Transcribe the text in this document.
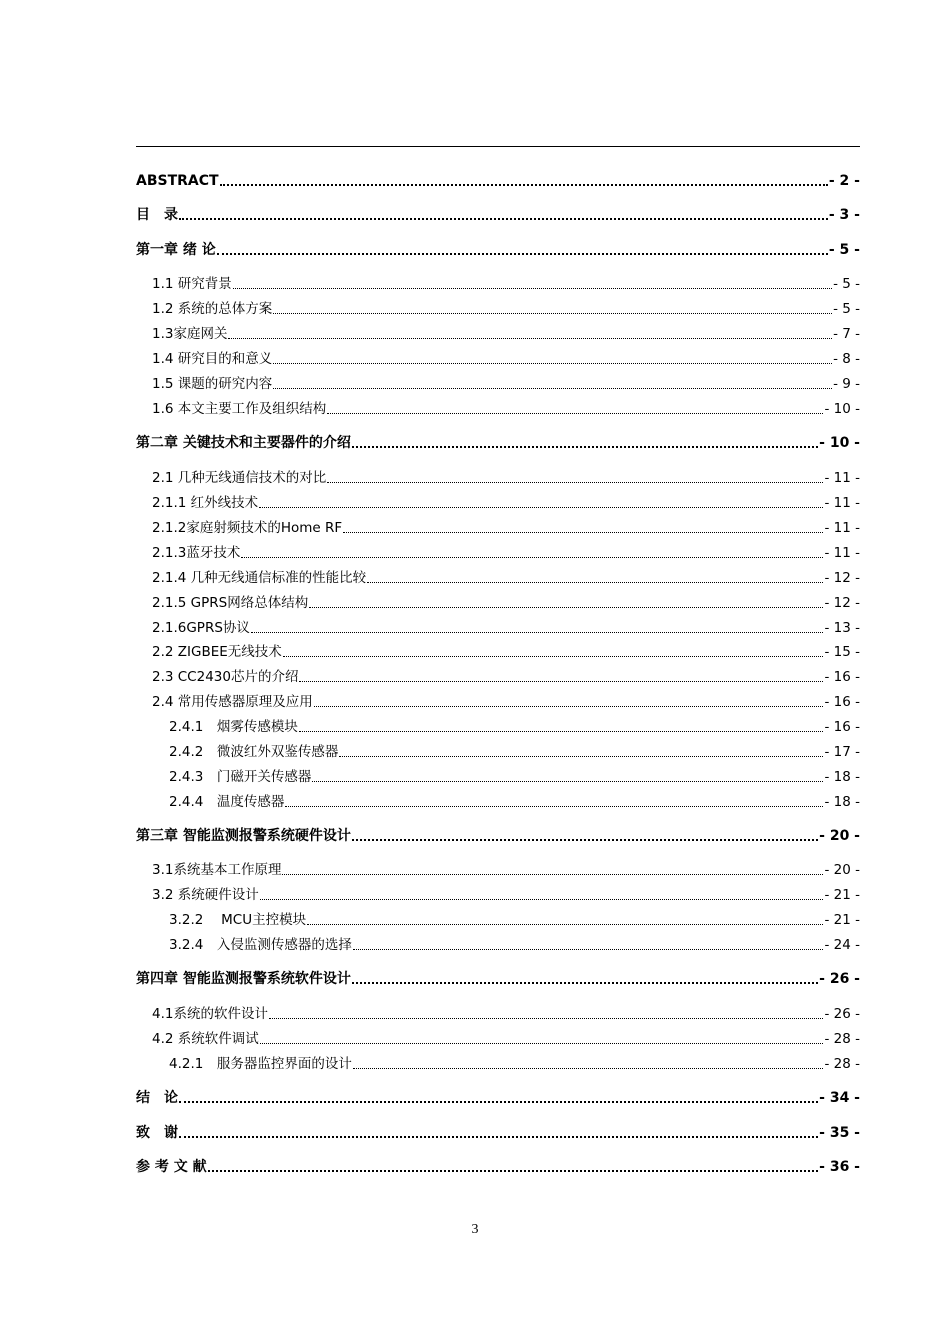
ABSTRACT	- 2 -
目　录	- 3 -
第一章 绪 论	- 5 -
1.1 研究背景	- 5 -
1.2 系统的总体方案	- 5 -
1.3家庭网关	- 7 -
1.4 研究目的和意义	- 8 -
1.5 课题的研究内容	- 9 -
1.6 本文主要工作及组织结构	- 10 -
第二章 关键技术和主要器件的介绍	- 10 -
2.1 几种无线通信技术的对比	- 11 -
2.1.1 红外线技术	- 11 -
2.1.2家庭射频技术的Home RF	- 11 -
2.1.3蓝牙技术	- 11 -
2.1.4 几种无线通信标准的性能比较	- 12 -
2.1.5 GPRS网络总体结构	- 12 -
2.1.6GPRS协议	- 13 -
2.2 ZIGBEE无线技术	- 15 -
2.3 CC2430芯片的介绍	- 16 -
2.4 常用传感器原理及应用	- 16 -
2.4.1　烟雾传感模块	- 16 -
2.4.2　微波红外双鉴传感器	- 17 -
2.4.3　门磁开关传感器	- 18 -
2.4.4　温度传感器	- 18 -
第三章 智能监测报警系统硬件设计	- 20 -
3.1系统基本工作原理	- 20 -
3.2 系统硬件设计	- 21 -
3.2.2　 MCU主控模块	- 21 -
3.2.4　入侵监测传感器的选择	- 24 -
第四章 智能监测报警系统软件设计	- 26 -
4.1系统的软件设计	- 26 -
4.2 系统软件调试	- 28 -
4.2.1　服务器监控界面的设计	- 28 -
结　论	- 34 -
致　谢	- 35 -
参 考 文 献	- 36 -
3
